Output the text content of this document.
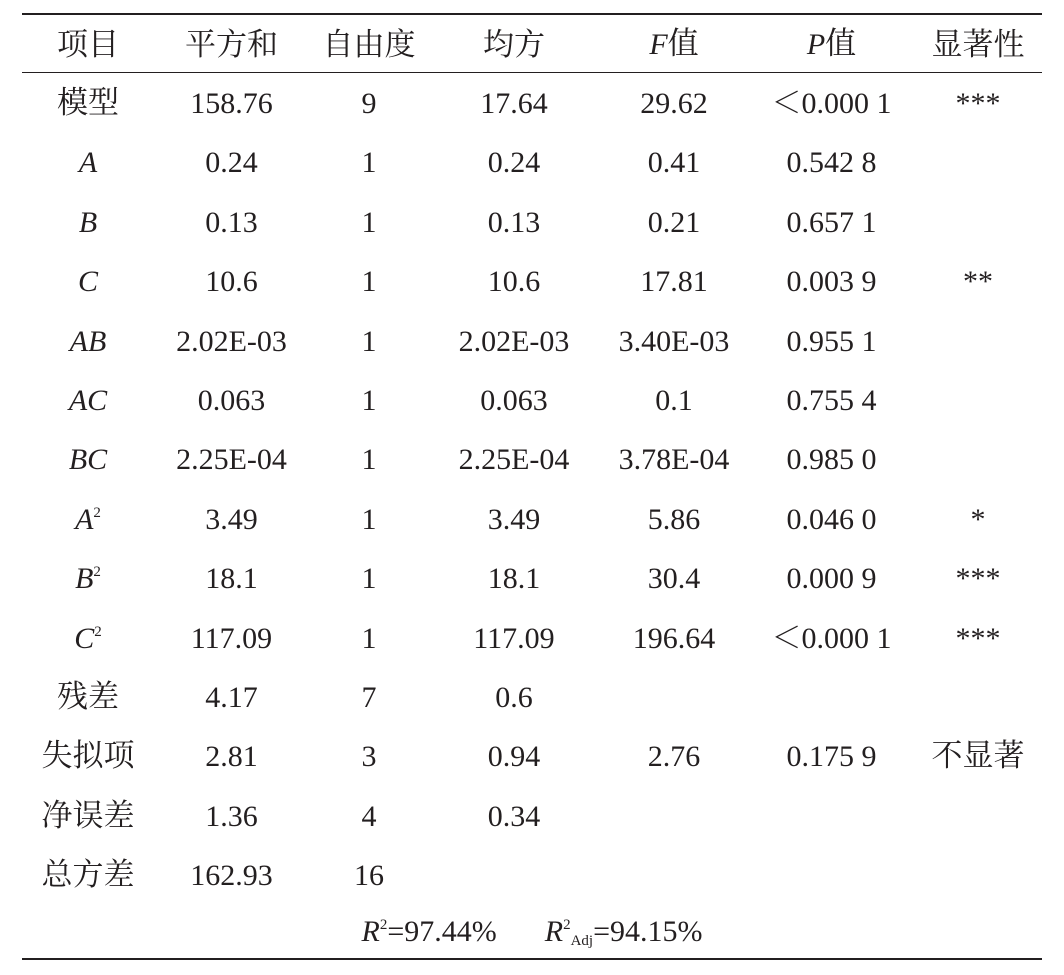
项目	平方和	自由度	均方	F值	P值	显著性
模型	158.76	9	17.64	29.62	＜0.000 1	***
A	0.24	1	0.24	0.41	0.542 8	
B	0.13	1	0.13	0.21	0.657 1	
C	10.6	1	10.6	17.81	0.003 9	**
AB	2.02E-03	1	2.02E-03	3.40E-03	0.955 1	
AC	0.063	1	0.063	0.1	0.755 4	
BC	2.25E-04	1	2.25E-04	3.78E-04	0.985 0	
$A^2$	3.49	1	3.49	5.86	0.046 0	*
$B^2$	18.1	1	18.1	30.4	0.000 9	***
$C^2$	117.09	1	117.09	196.64	＜0.000 1	***
残差	4.17	7	0.6			
失拟项	2.81	3	0.94	2.76	0.175 9	不显著
净误差	1.36	4	0.34			
总方差	162.93	16				
$R^2=97.44\%$ $R^2_{Adj}=94.15\%$
